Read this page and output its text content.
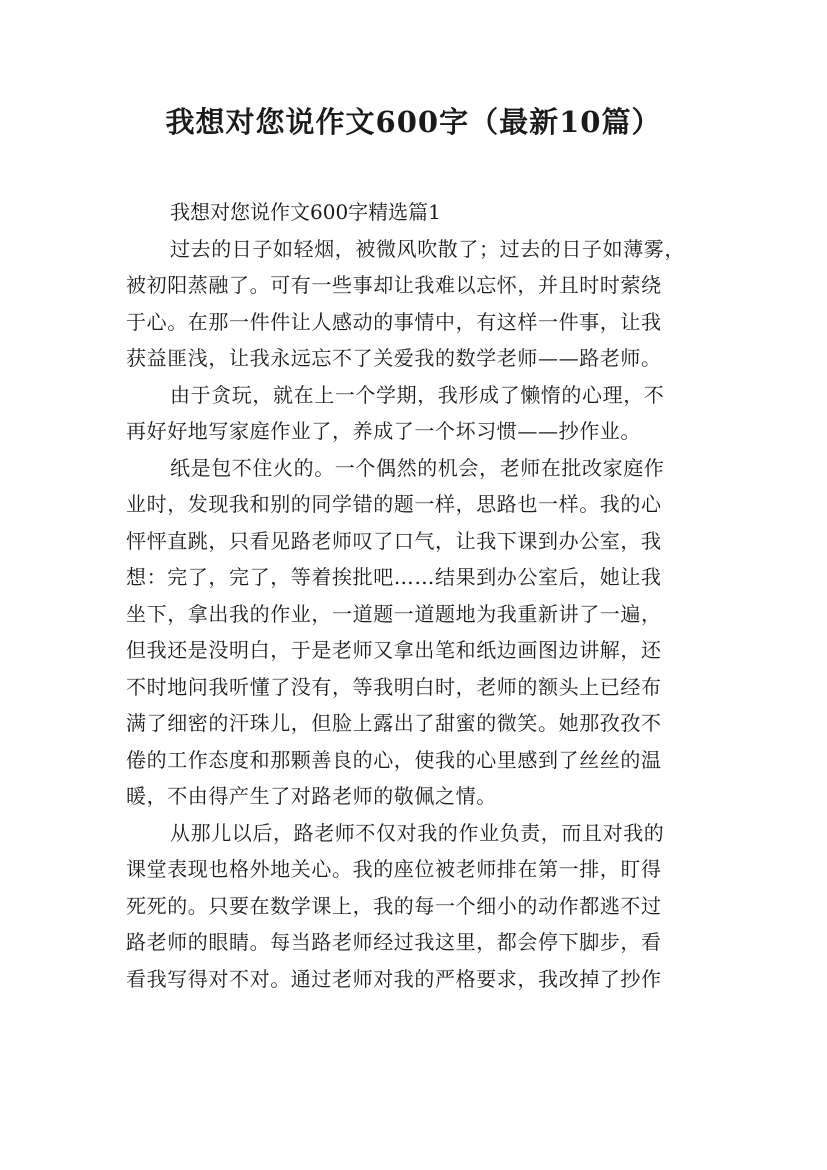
我想对您说作文600字（最新10篇）

我想对您说作文600字精选篇1

过去的日子如轻烟，被微风吹散了；过去的日子如薄雾，
被初阳蒸融了。可有一些事却让我难以忘怀，并且时时萦绕
于心。在那一件件让人感动的事情中，有这样一件事，让我
获益匪浅，让我永远忘不了关爱我的数学老师——路老师。
由于贪玩，就在上一个学期，我形成了懒惰的心理，不
再好好地写家庭作业了，养成了一个坏习惯——抄作业。
纸是包不住火的。一个偶然的机会，老师在批改家庭作
业时，发现我和别的同学错的题一样，思路也一样。我的心
怦怦直跳，只看见路老师叹了口气，让我下课到办公室，我
想：完了，完了，等着挨批吧……结果到办公室后，她让我
坐下，拿出我的作业，一道题一道题地为我重新讲了一遍，
但我还是没明白，于是老师又拿出笔和纸边画图边讲解，还
不时地问我听懂了没有，等我明白时，老师的额头上已经布
满了细密的汗珠儿，但脸上露出了甜蜜的微笑。她那孜孜不
倦的工作态度和那颗善良的心，使我的心里感到了丝丝的温
暖，不由得产生了对路老师的敬佩之情。
从那儿以后，路老师不仅对我的作业负责，而且对我的
课堂表现也格外地关心。我的座位被老师排在第一排，盯得
死死的。只要在数学课上，我的每一个细小的动作都逃不过
路老师的眼睛。每当路老师经过我这里，都会停下脚步，看
看我写得对不对。通过老师对我的严格要求，我改掉了抄作
